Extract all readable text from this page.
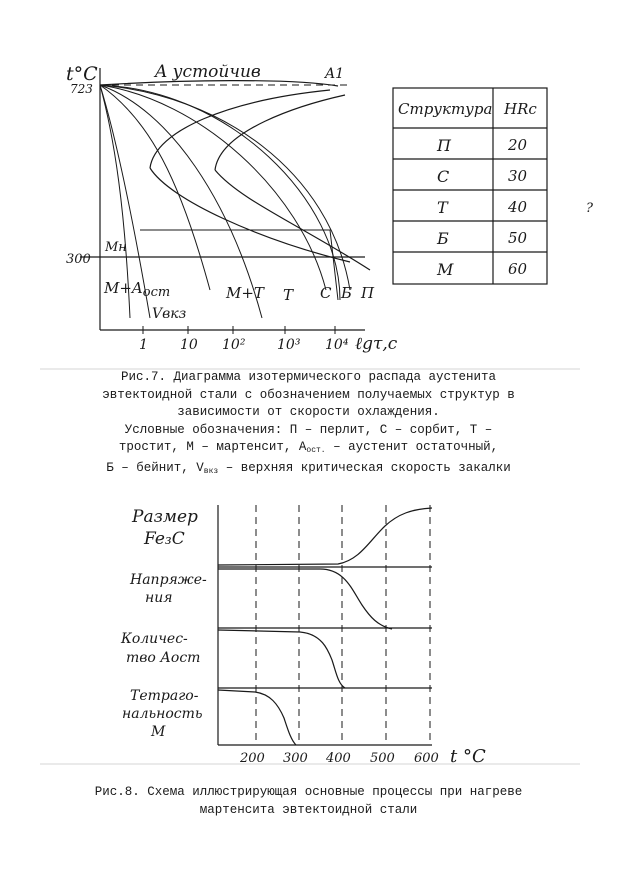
t°C
723
300
A устойчив	A1
Mн
M+Aост
Vвкз
M+T T C Б П
1 10 10² 10³ 10⁴ ℓgτ,c
Структура HRc
П	20
C	30
T	40
Б	50
M	60
?
Размер
Fe₃C
Напряже-
ния
Количес-
тво Аост
Тетраго-
нальность
M
200 300 400 500 600 t °C
Рис.7. Диаграмма изотермического распада аустенита
эвтектоидной стали с обозначением получаемых структур в
зависимости от скорости охлаждения.
Условные обозначения: П – перлит, С – сорбит, Т –
тростит, М – мартенсит, $А_{ост.}$ – аустенит остаточный,
Б – бейнит, $V_{вкз}$ – верхняя критическая скорость закалки
Рис.8. Схема иллюстрирующая основные процессы при нагреве
мартенсита эвтектоидной стали
